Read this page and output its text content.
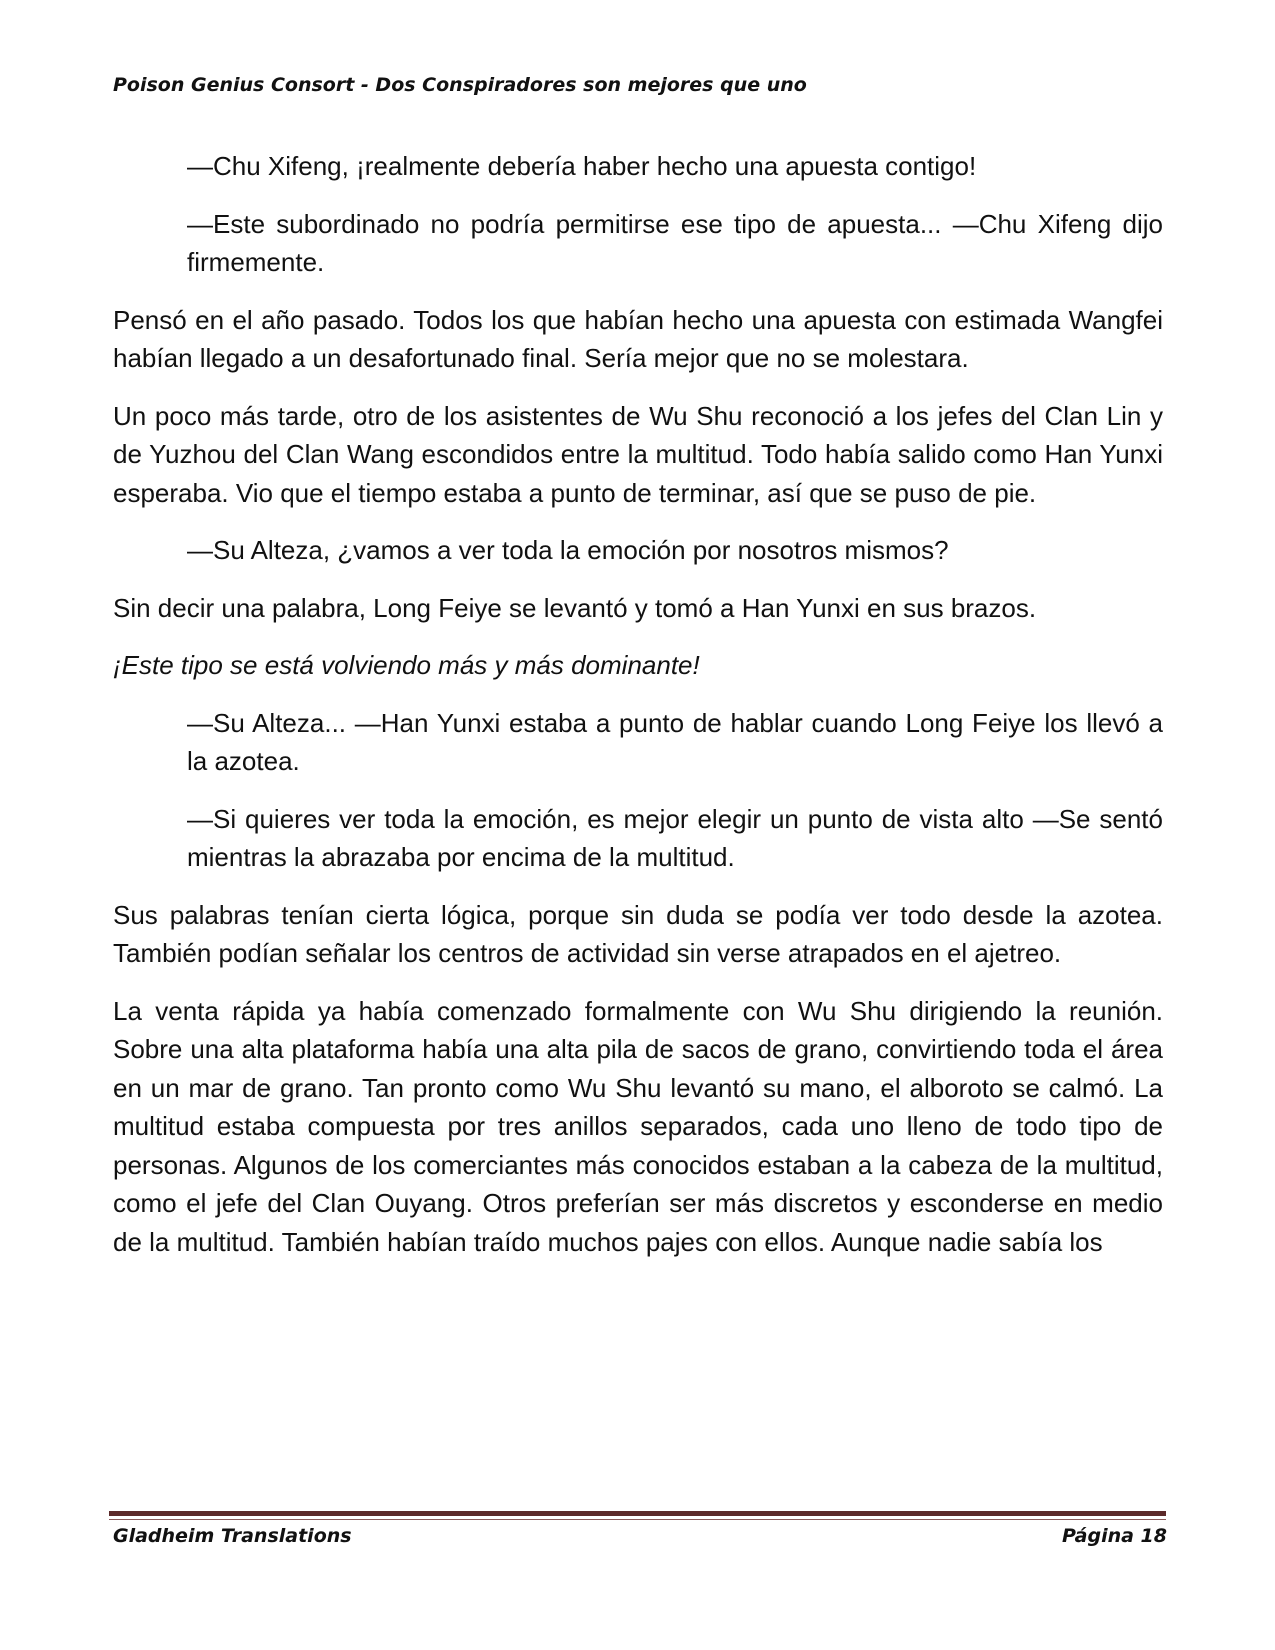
Poison Genius Consort - Dos Conspiradores son mejores que uno

—Chu Xifeng, ¡realmente debería haber hecho una apuesta contigo!

—Este subordinado no podría permitirse ese tipo de apuesta... —Chu Xifeng dijo firmemente.

Pensó en el año pasado. Todos los que habían hecho una apuesta con estimada Wangfei habían llegado a un desafortunado final. Sería mejor que no se molestara.

Un poco más tarde, otro de los asistentes de Wu Shu reconoció a los jefes del Clan Lin y de Yuzhou del Clan Wang escondidos entre la multitud. Todo había salido como Han Yunxi esperaba. Vio que el tiempo estaba a punto de terminar, así que se puso de pie.

—Su Alteza, ¿vamos a ver toda la emoción por nosotros mismos?

Sin decir una palabra, Long Feiye se levantó y tomó a Han Yunxi en sus brazos.

¡Este tipo se está volviendo más y más dominante!

—Su Alteza... —Han Yunxi estaba a punto de hablar cuando Long Feiye los llevó a la azotea.

—Si quieres ver toda la emoción, es mejor elegir un punto de vista alto —Se sentó mientras la abrazaba por encima de la multitud.

Sus palabras tenían cierta lógica, porque sin duda se podía ver todo desde la azotea. También podían señalar los centros de actividad sin verse atrapados en el ajetreo.

La venta rápida ya había comenzado formalmente con Wu Shu dirigiendo la reunión. Sobre una alta plataforma había una alta pila de sacos de grano, convirtiendo toda el área en un mar de grano. Tan pronto como Wu Shu levantó su mano, el alboroto se calmó. La multitud estaba compuesta por tres anillos separados, cada uno lleno de todo tipo de personas. Algunos de los comerciantes más conocidos estaban a la cabeza de la multitud, como el jefe del Clan Ouyang. Otros preferían ser más discretos y esconderse en medio de la multitud. También habían traído muchos pajes con ellos. Aunque nadie sabía los

Gladheim Translations	Página 18
